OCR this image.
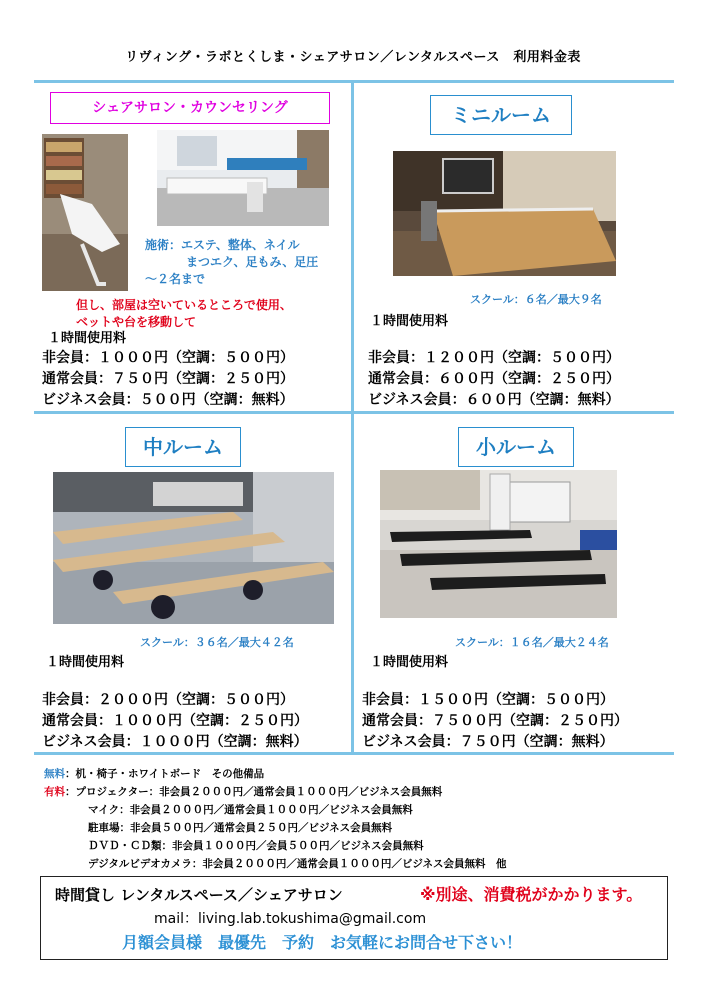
リヴィング・ラボとくしま・シェアサロン／レンタルスペース　利用料金表
シェアサロン・カウンセリング
施術：エステ、整体、ネイル
まつエク、足もみ、足圧
～２名まで
但し、部屋は空いているところで使用、
ベットや台を移動して
１時間使用料
非会員：１０００円（空調：５００円）
通常会員：７５０円（空調：２５０円）
ビジネス会員：５００円（空調：無料）
ミニルーム
スクール：６名／最大９名
１時間使用料
非会員：１２００円（空調：５００円）
通常会員：６００円（空調：２５０円）
ビジネス会員：６００円（空調：無料）
中ルーム
スクール：３６名／最大４２名
１時間使用料
非会員：２０００円（空調：５００円）
通常会員：１０００円（空調：２５０円）
ビジネス会員：１０００円（空調：無料）
小ルーム
スクール：１６名／最大２４名
１時間使用料
非会員：１５００円（空調：５００円）
通常会員：７５００円（空調：２５０円）
ビジネス会員：７５０円（空調：無料）
無料：机・椅子・ホワイトボード　その他備品
有料：プロジェクター：非会員２０００円／通常会員１０００円／ビジネス会員無料
マイク：非会員２０００円／通常会員１０００円／ビジネス会員無料
駐車場：非会員５００円／通常会員２５０円／ビジネス会員無料
ＤＶＤ・ＣＤ類：非会員１０００円／会員５００円／ビジネス会員無料
デジタルビデオカメラ：非会員２０００円／通常会員１０００円／ビジネス会員無料　他
時間貸し レンタルスペース／シェアサロン	※別途、消費税がかかります。
mail：living.lab.tokushima@gmail.com
月額会員様　最優先　予約　お気軽にお問合せ下さい！
